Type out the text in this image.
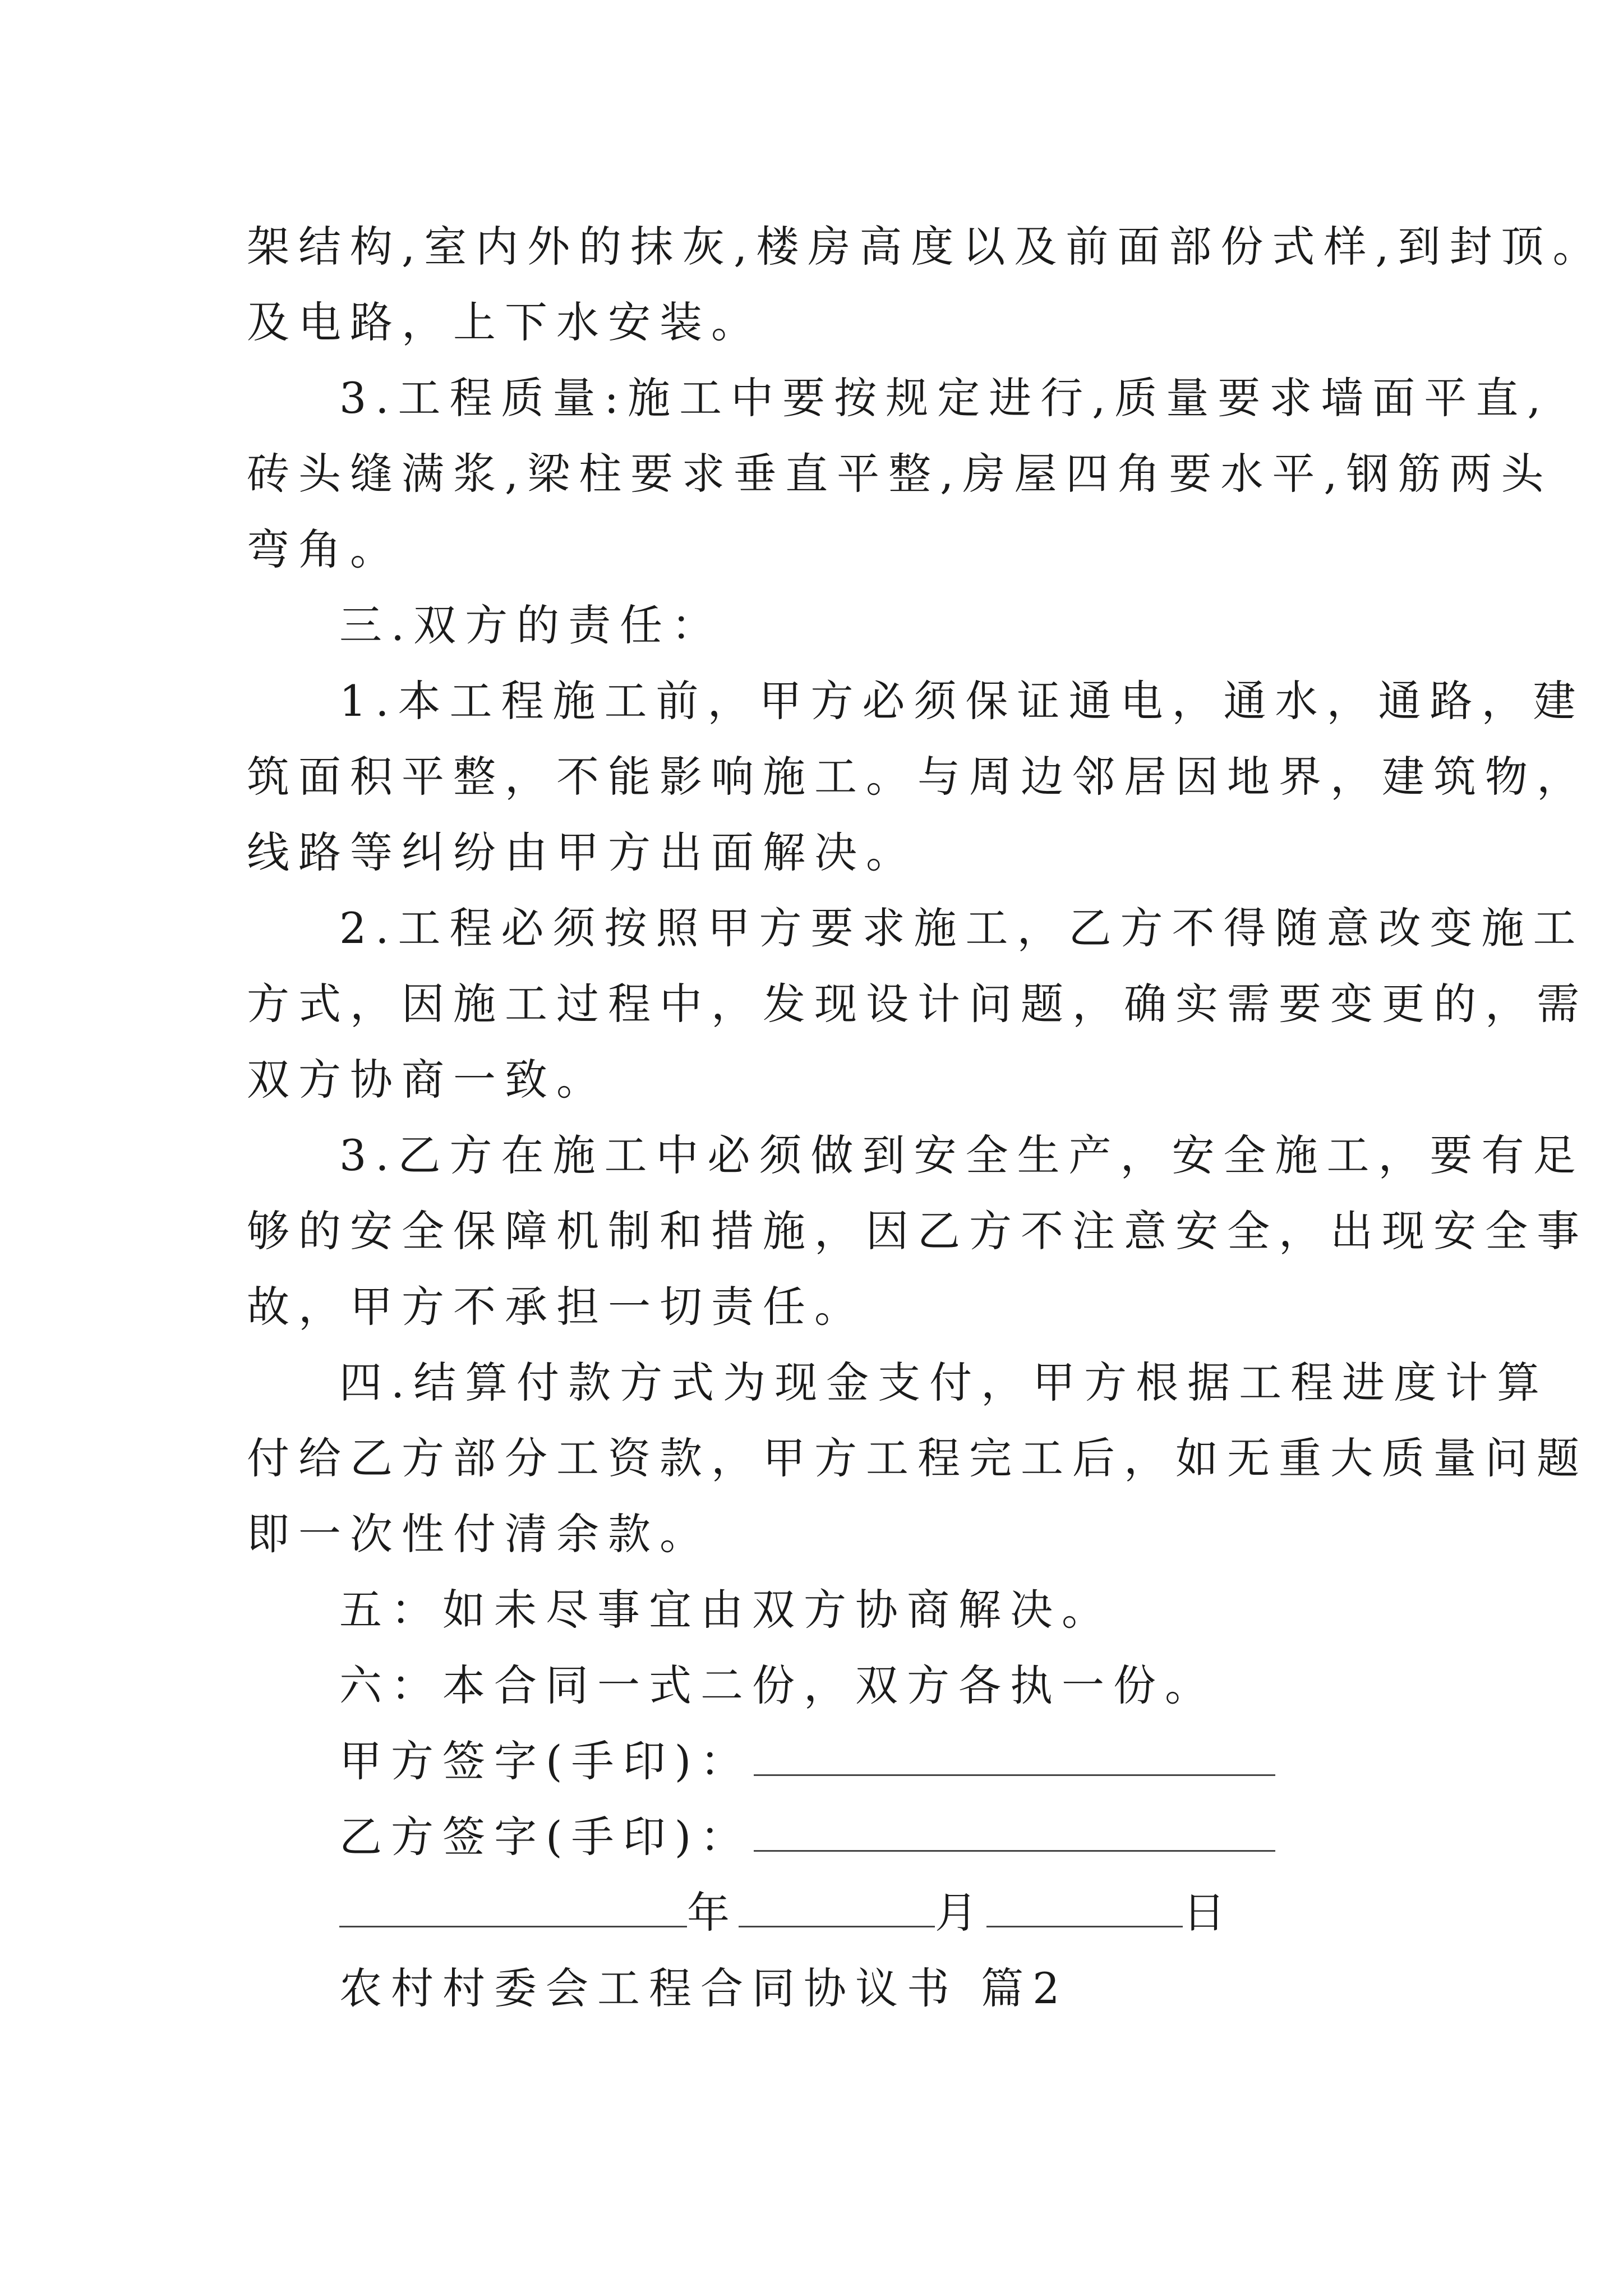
架结构,室内外的抹灰,楼房高度以及前面部份式样,到封顶。
及电路，上下水安装。
3.工程质量:施工中要按规定进行,质量要求墙面平直,
砖头缝满浆,梁柱要求垂直平整,房屋四角要水平,钢筋两头
弯角。
三.双方的责任：
1.本工程施工前，甲方必须保证通电，通水，通路，建
筑面积平整，不能影响施工。与周边邻居因地界，建筑物，
线路等纠纷由甲方出面解决。
2.工程必须按照甲方要求施工，乙方不得随意改变施工
方式，因施工过程中，发现设计问题，确实需要变更的，需
双方协商一致。
3.乙方在施工中必须做到安全生产，安全施工，要有足
够的安全保障机制和措施，因乙方不注意安全，出现安全事
故，甲方不承担一切责任。
四.结算付款方式为现金支付，甲方根据工程进度计算
付给乙方部分工资款，甲方工程完工后，如无重大质量问题
即一次性付清余款。
五：如未尽事宜由双方协商解决。
六：本合同一式二份，双方各执一份。
甲方签字(手印)：
乙方签字(手印)：
年	月	日
农村村委会工程合同协议书 篇2
